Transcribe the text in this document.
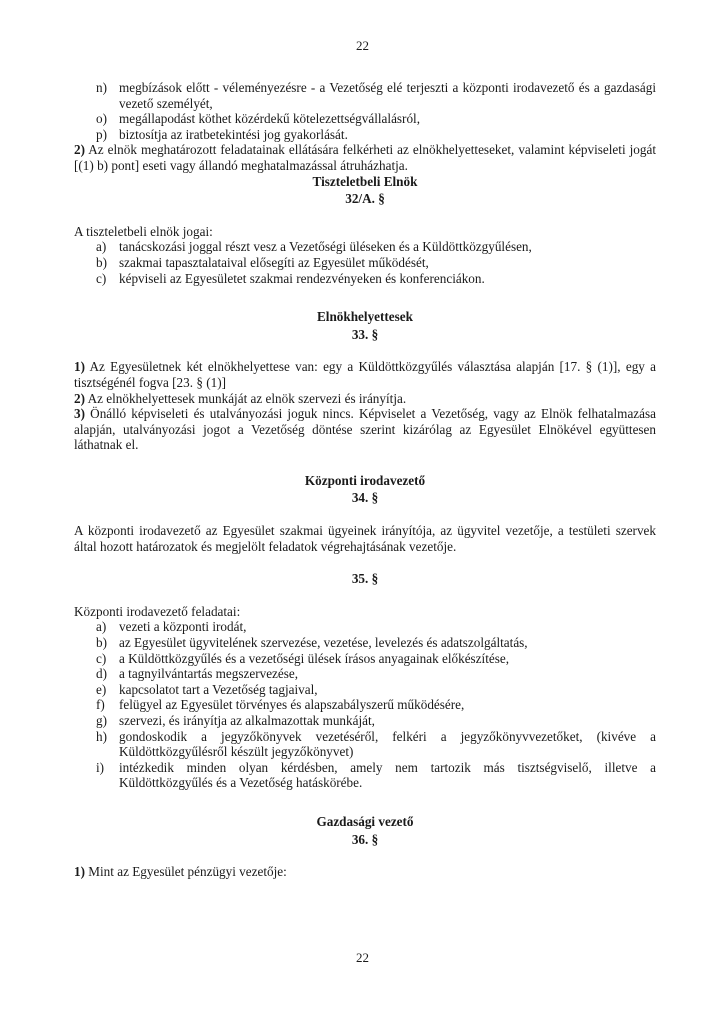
22
n) megbízások előtt - véleményezésre - a Vezetőség elé terjeszti a központi irodavezető és a gazdasági vezető személyét,
o) megállapodást köthet közérdekű kötelezettségvállalásról,
p) biztosítja az iratbetekintési jog gyakorlását.

2) Az elnök meghatározott feladatainak ellátására felkérheti az elnökhelyetteseket, valamint képviseleti jogát [(1) b) pont] eseti vagy állandó meghatalmazással átruházhatja.

Tiszteletbeli Elnök
32/A. §

A tiszteletbeli elnök jogai:

a) tanácskozási joggal részt vesz a Vezetőségi üléseken és a Küldöttközgyűlésen,
b) szakmai tapasztalataival elősegíti az Egyesület működését,
c) képviseli az Egyesületet szakmai rendezvényeken és konferenciákon.
Elnökhelyettesek
33. §

1) Az Egyesületnek két elnökhelyettese van: egy a Küldöttközgyűlés választása alapján [17. § (1)], egy a tisztségénél fogva [23. § (1)]

2) Az elnökhelyettesek munkáját az elnök szervezi és irányítja.

3) Önálló képviseleti és utalványozási joguk nincs. Képviselet a Vezetőség, vagy az Elnök felhatalmazása alapján, utalványozási jogot a Vezetőség döntése szerint kizárólag az Egyesület Elnökével együttesen láthatnak el.

Központi irodavezető
34. §

A központi irodavezető az Egyesület szakmai ügyeinek irányítója, az ügyvitel vezetője, a testületi szervek által hozott határozatok és megjelölt feladatok végrehajtásának vezetője.

35. §

Központi irodavezető feladatai:

a) vezeti a központi irodát,
b) az Egyesület ügyvitelének szervezése, vezetése, levelezés és adatszolgáltatás,
c) a Küldöttközgyűlés és a vezetőségi ülések írásos anyagainak előkészítése,
d) a tagnyilvántartás megszervezése,
e) kapcsolatot tart a Vezetőség tagjaival,
f)	felügyel az Egyesület törvényes és alapszabályszerű működésére,
g) szervezi, és irányítja az alkalmazottak munkáját,
h) gondoskodik a jegyzőkönyvek vezetéséről, felkéri a jegyzőkönyvvezetőket, (kivéve a Küldöttközgyűlésről készült jegyzőkönyvet)
i)	intézkedik minden olyan kérdésben, amely nem tartozik más tisztségviselő, illetve a Küldöttközgyűlés és a Vezetőség hatáskörébe.
Gazdasági vezető
36. §

1) Mint az Egyesület pénzügyi vezetője:

22
